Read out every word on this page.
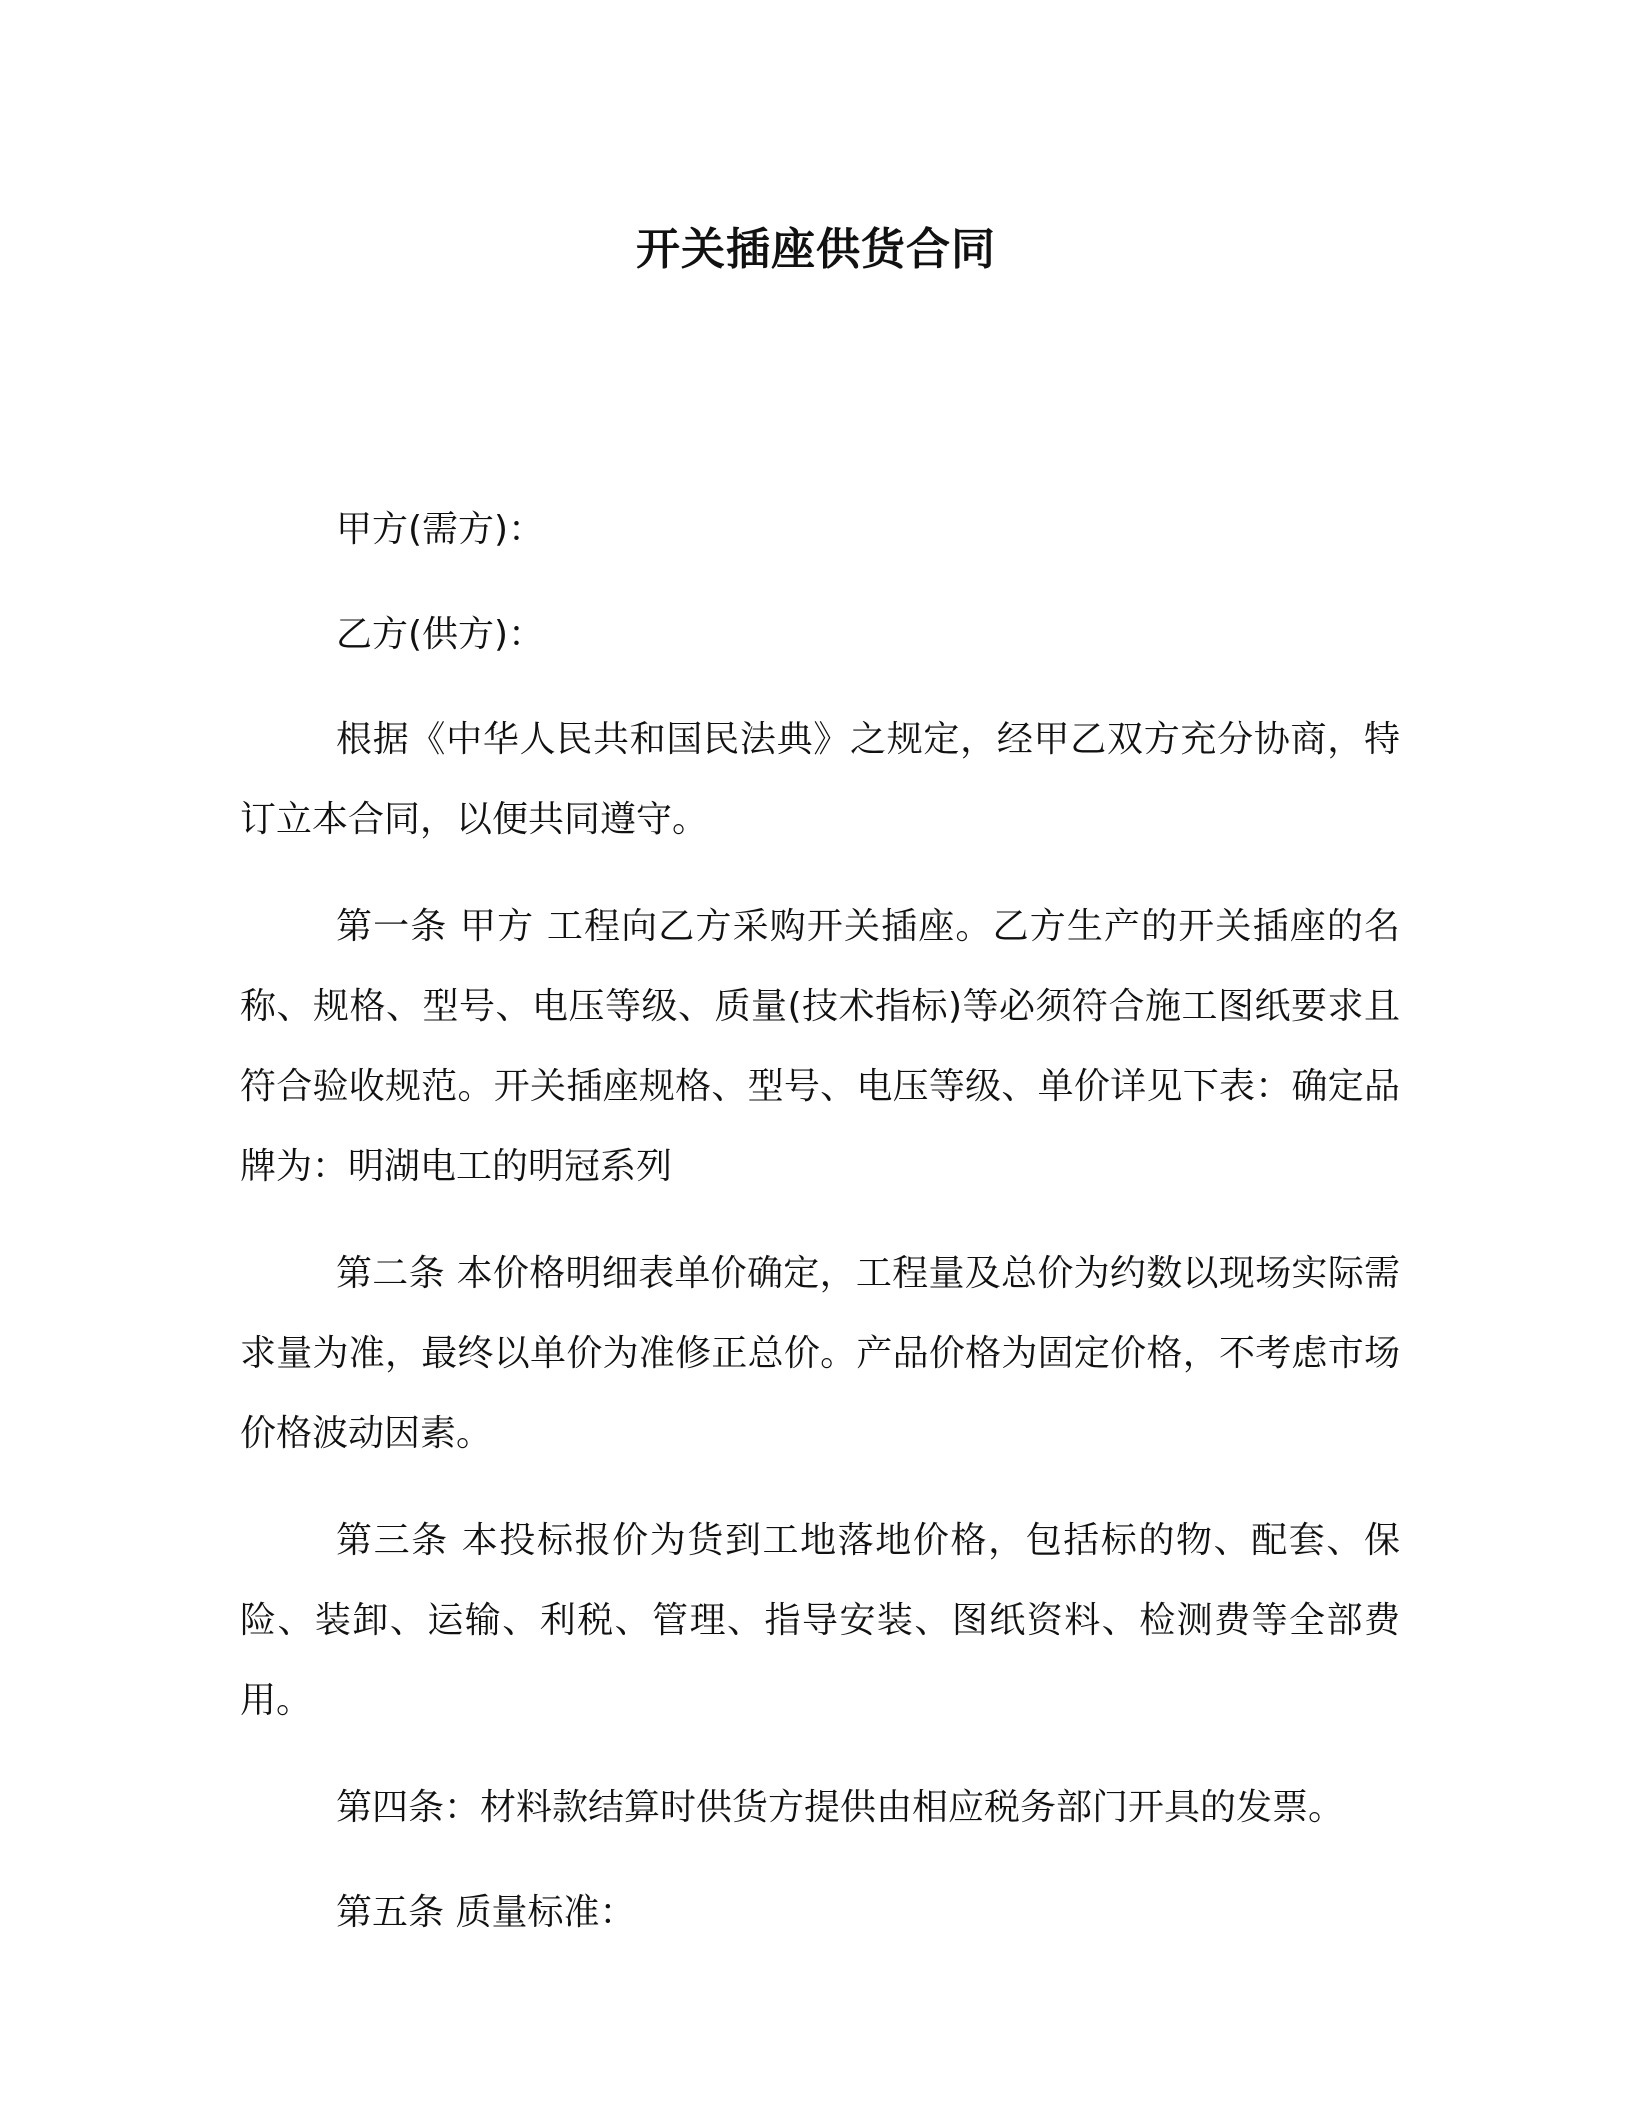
开关插座供货合同

甲方(需方)：

乙方(供方)：

根据《中华人民共和国民法典》之规定，经甲乙双方充分协商，特订立本合同，以便共同遵守。

第一条 甲方 工程向乙方采购开关插座。乙方生产的开关插座的名称、规格、型号、电压等级、质量(技术指标)等必须符合施工图纸要求且符合验收规范。开关插座规格、型号、电压等级、单价详见下表：确定品牌为：明湖电工的明冠系列

第二条 本价格明细表单价确定，工程量及总价为约数以现场实际需求量为准，最终以单价为准修正总价。产品价格为固定价格，不考虑市场价格波动因素。

第三条 本投标报价为货到工地落地价格，包括标的物、配套、保险、装卸、运输、利税、管理、指导安装、图纸资料、检测费等全部费用。

第四条：材料款结算时供货方提供由相应税务部门开具的发票。

第五条 质量标准：
